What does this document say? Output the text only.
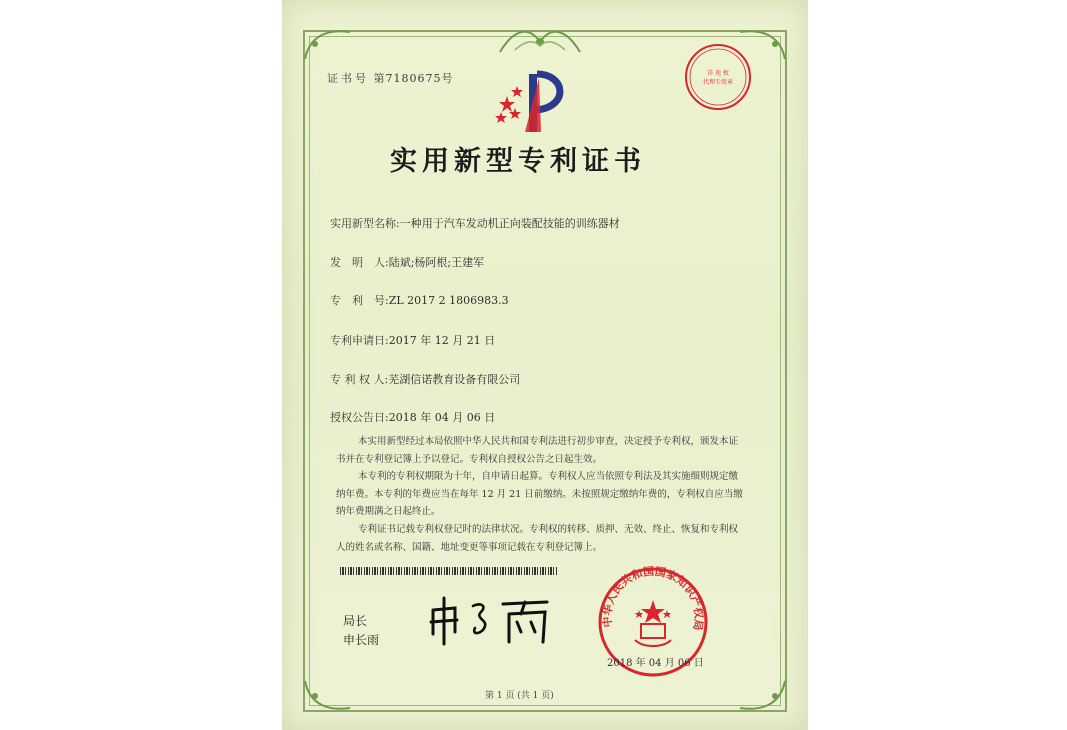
证书号 第7180675号	详 苑 枚
代理专用章
实用新型专利证书
实用新型名称:一种用于汽车发动机正向装配技能的训练器材
发　明　人:陆斌;杨阿根;王建军
专　利　号:ZL 2017 2 1806983.3
专利申请日:2017 年 12 月 21 日
专 利 权 人:芜湖信诺教育设备有限公司
授权公告日:2018 年 04 月 06 日

本实用新型经过本局依照中华人民共和国专利法进行初步审查，决定授予专利权，颁发本证书并在专利登记簿上予以登记。专利权自授权公告之日起生效。

本专利的专利权期限为十年，自申请日起算。专利权人应当依照专利法及其实施细则规定缴纳年费。本专利的年费应当在每年 12 月 21 日前缴纳。未按照规定缴纳年费的，专利权自应当缴纳年费期满之日起终止。

专利证书记载专利权登记时的法律状况。专利权的转移、质押、无效、终止、恢复和专利权人的姓名或名称、国籍、地址变更等事项记载在专利登记簿上。

局长
申长雨
中华人民共和国国家知识产权局
2018 年 04 月 06 日
第 1 页 (共 1 页)
